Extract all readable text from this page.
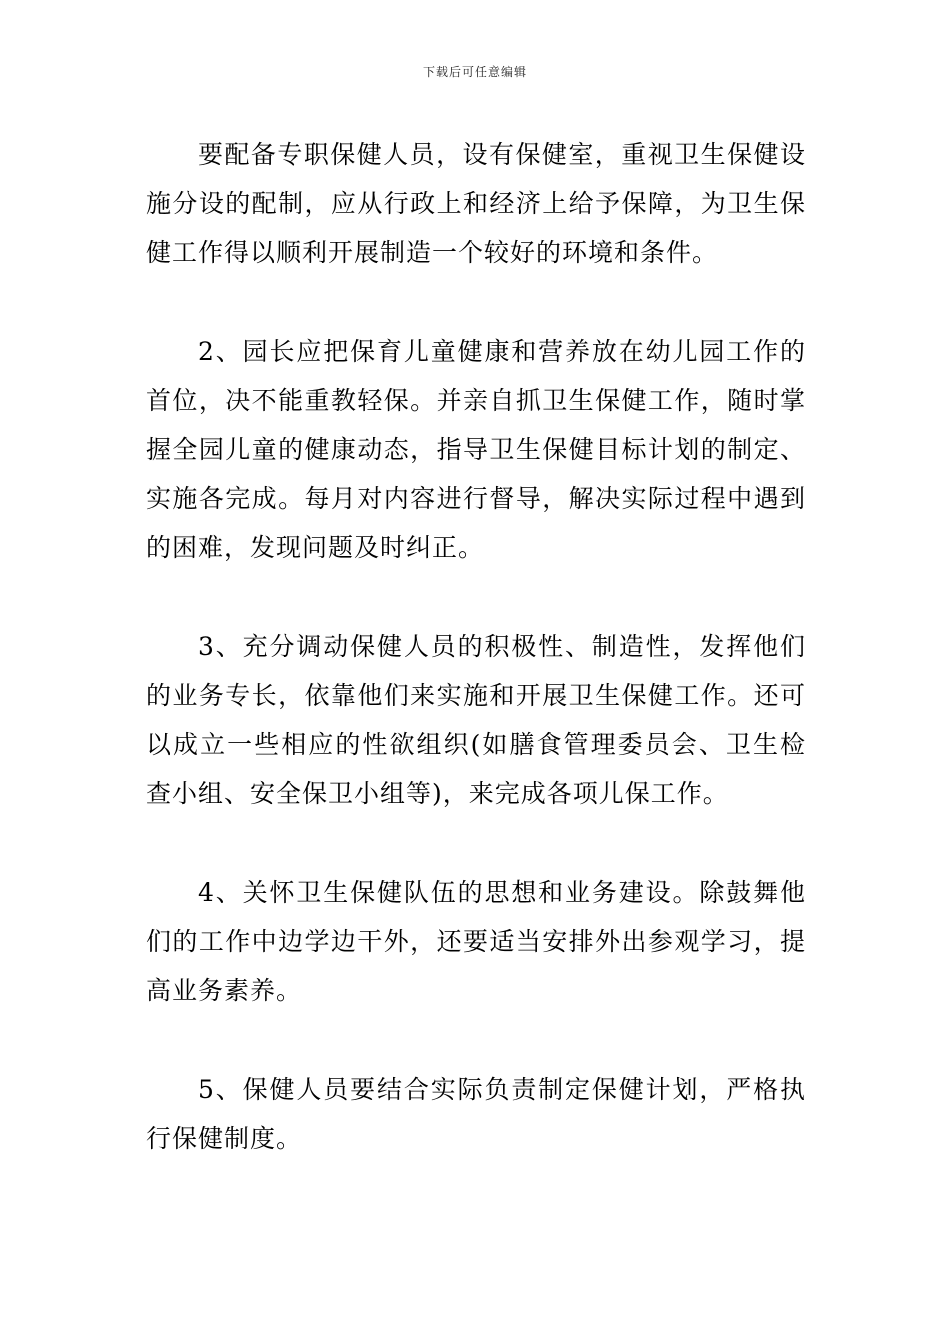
下载后可任意编辑

要配备专职保健人员，设有保健室，重视卫生保健设施分设的配制，应从行政上和经济上给予保障，为卫生保健工作得以顺利开展制造一个较好的环境和条件。

2、园长应把保育儿童健康和营养放在幼儿园工作的首位，决不能重教轻保。并亲自抓卫生保健工作，随时掌握全园儿童的健康动态，指导卫生保健目标计划的制定、实施各完成。每月对内容进行督导，解决实际过程中遇到的困难，发现问题及时纠正。

3、充分调动保健人员的积极性、制造性，发挥他们的业务专长，依靠他们来实施和开展卫生保健工作。还可以成立一些相应的性欲组织(如膳食管理委员会、卫生检查小组、安全保卫小组等)，来完成各项儿保工作。

4、关怀卫生保健队伍的思想和业务建设。除鼓舞他们的工作中边学边干外，还要适当安排外出参观学习，提高业务素养。

5、保健人员要结合实际负责制定保健计划，严格执行保健制度。
